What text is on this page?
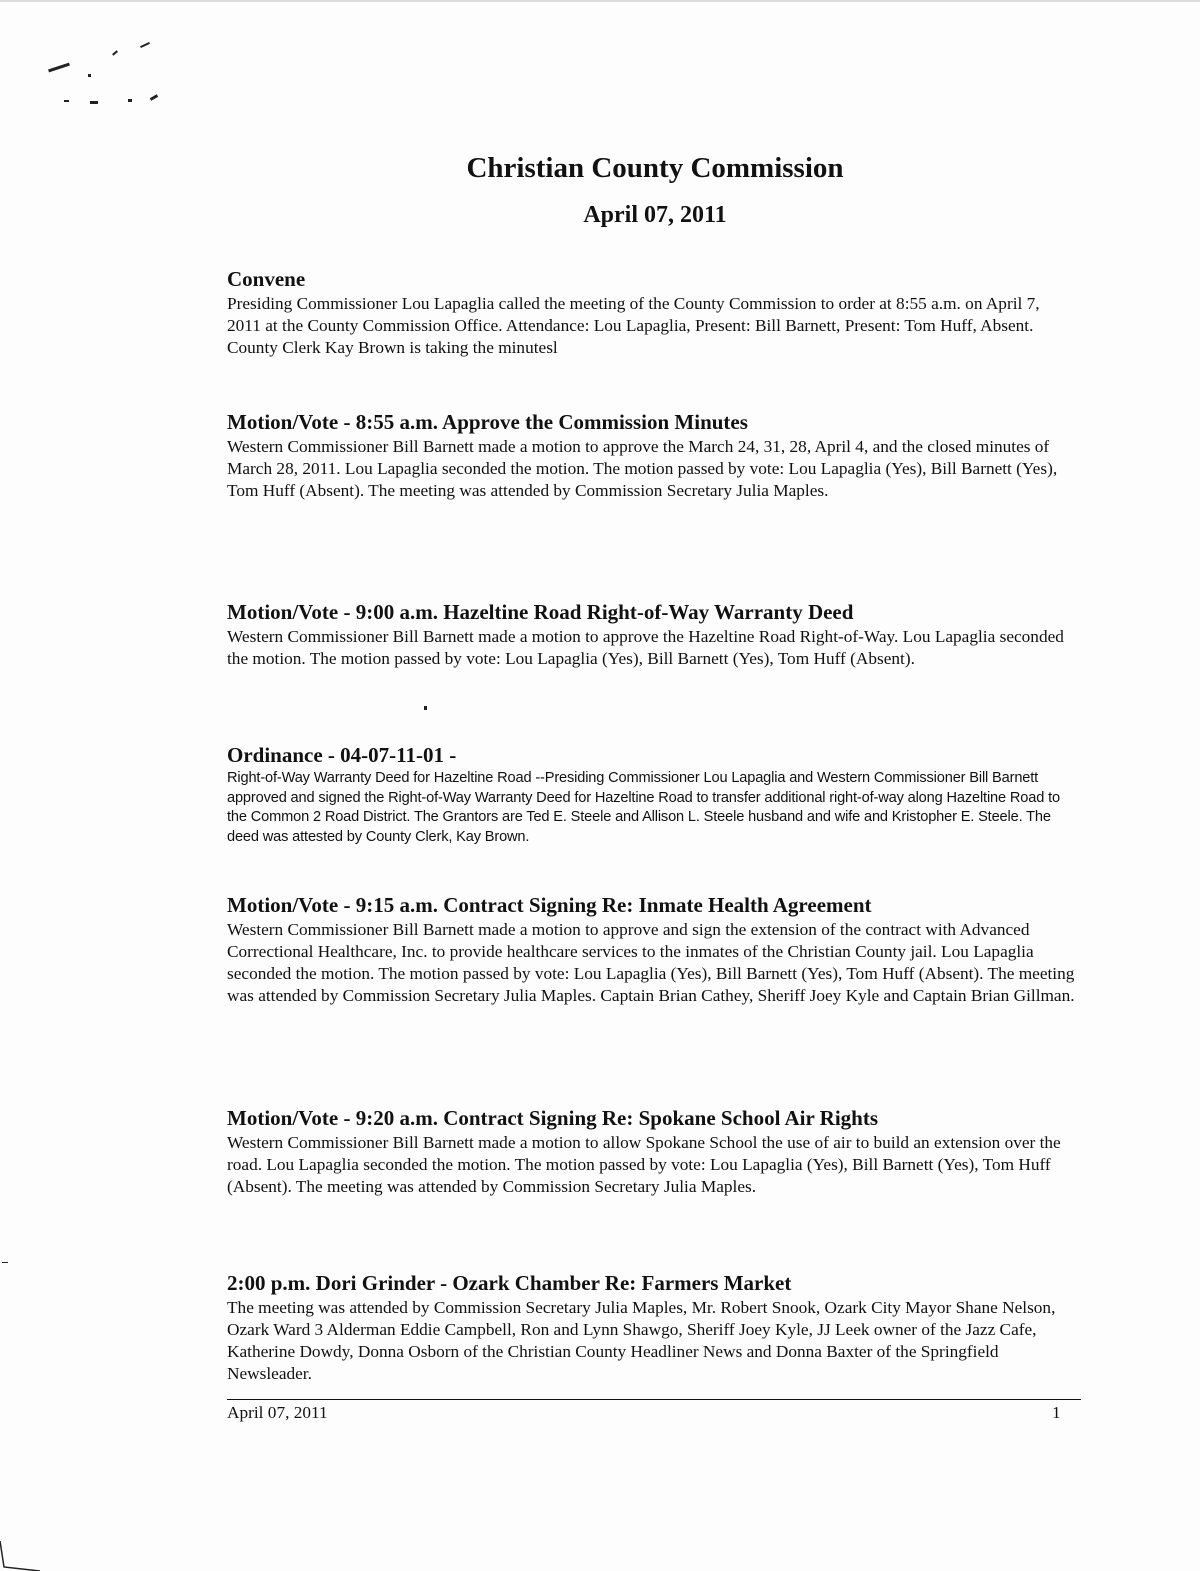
Christian County Commission
April 07, 2011
Convene

Presiding Commissioner Lou Lapaglia called the meeting of the County Commission to order at 8:55 a.m. on April 7, 2011 at the County Commission Office. Attendance: Lou Lapaglia, Present: Bill Barnett, Present: Tom Huff, Absent. County Clerk Kay Brown is taking the minutesl

Motion/Vote - 8:55 a.m. Approve the Commission Minutes

Western Commissioner Bill Barnett made a motion to approve the March 24, 31, 28, April 4, and the closed minutes of March 28, 2011. Lou Lapaglia seconded the motion. The motion passed by vote: Lou Lapaglia (Yes), Bill Barnett (Yes), Tom Huff (Absent). The meeting was attended by Commission Secretary Julia Maples.

Motion/Vote - 9:00 a.m. Hazeltine Road Right-of-Way Warranty Deed

Western Commissioner Bill Barnett made a motion to approve the Hazeltine Road Right-of-Way. Lou Lapaglia seconded the motion. The motion passed by vote: Lou Lapaglia (Yes), Bill Barnett (Yes), Tom Huff (Absent).

Ordinance - 04-07-11-01 -

Right-of-Way Warranty Deed for Hazeltine Road --Presiding Commissioner Lou Lapaglia and Western Commissioner Bill Barnett approved and signed the Right-of-Way Warranty Deed for Hazeltine Road to transfer additional right-of-way along Hazeltine Road to the Common 2 Road District. The Grantors are Ted E. Steele and Allison L. Steele husband and wife and Kristopher E. Steele. The deed was attested by County Clerk, Kay Brown.

Motion/Vote - 9:15 a.m. Contract Signing Re: Inmate Health Agreement

Western Commissioner Bill Barnett made a motion to approve and sign the extension of the contract with Advanced Correctional Healthcare, Inc. to provide healthcare services to the inmates of the Christian County jail. Lou Lapaglia seconded the motion. The motion passed by vote: Lou Lapaglia (Yes), Bill Barnett (Yes), Tom Huff (Absent). The meeting was attended by Commission Secretary Julia Maples. Captain Brian Cathey, Sheriff Joey Kyle and Captain Brian Gillman.

Motion/Vote - 9:20 a.m. Contract Signing Re: Spokane School Air Rights

Western Commissioner Bill Barnett made a motion to allow Spokane School the use of air to build an extension over the road. Lou Lapaglia seconded the motion. The motion passed by vote: Lou Lapaglia (Yes), Bill Barnett (Yes), Tom Huff (Absent). The meeting was attended by Commission Secretary Julia Maples.

2:00 p.m. Dori Grinder - Ozark Chamber Re: Farmers Market

The meeting was attended by Commission Secretary Julia Maples, Mr. Robert Snook, Ozark City Mayor Shane Nelson, Ozark Ward 3 Alderman Eddie Campbell, Ron and Lynn Shawgo, Sheriff Joey Kyle, JJ Leek owner of the Jazz Cafe, Katherine Dowdy, Donna Osborn of the Christian County Headliner News and Donna Baxter of the Springfield Newsleader.

April 07, 2011	1
